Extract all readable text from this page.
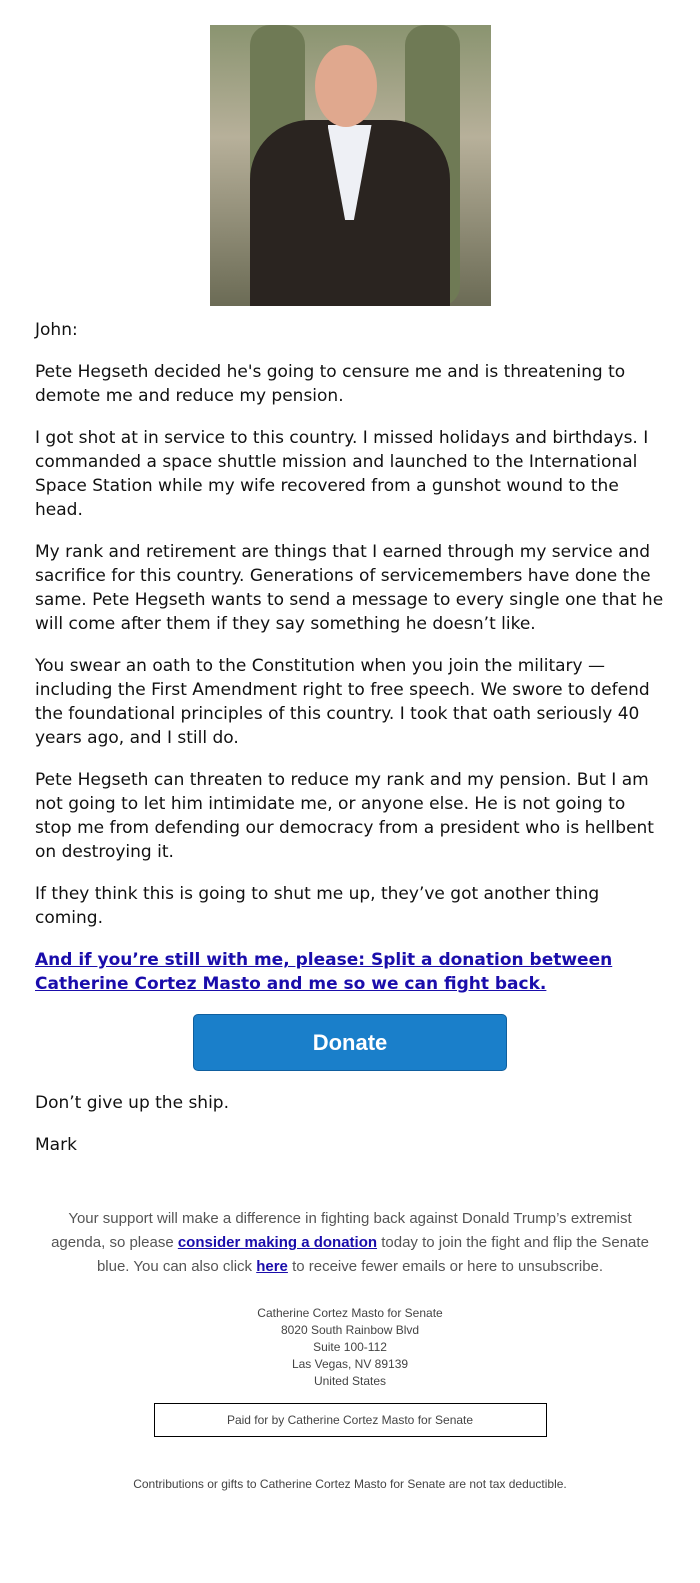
John:

Pete Hegseth decided he's going to censure me and is threatening to demote me and reduce my pension.

I got shot at in service to this country. I missed holidays and birthdays. I commanded a space shuttle mission and launched to the International Space Station while my wife recovered from a gunshot wound to the head.

My rank and retirement are things that I earned through my service and sacrifice for this country. Generations of servicemembers have done the same. Pete Hegseth wants to send a message to every single one that he will come after them if they say something he doesn’t like.

You swear an oath to the Constitution when you join the military — including the First Amendment right to free speech. We swore to defend the foundational principles of this country. I took that oath seriously 40 years ago, and I still do.

Pete Hegseth can threaten to reduce my rank and my pension. But I am not going to let him intimidate me, or anyone else. He is not going to stop me from defending our democracy from a president who is hellbent on destroying it.

If they think this is going to shut me up, they’ve got another thing coming.

And if you’re still with me, please: Split a donation between Catherine Cortez Masto and me so we can fight back.
Donate

Don’t give up the ship.

Mark

Your support will make a difference in fighting back against Donald Trump’s extremist agenda, so please consider making a donation today to join the fight and flip the Senate blue. You can also click here to receive fewer emails or here to unsubscribe.
Catherine Cortez Masto for Senate
8020 South Rainbow Blvd
Suite 100-112
Las Vegas, NV 89139
United States
Paid for by Catherine Cortez Masto for Senate
Contributions or gifts to Catherine Cortez Masto for Senate are not tax deductible.
